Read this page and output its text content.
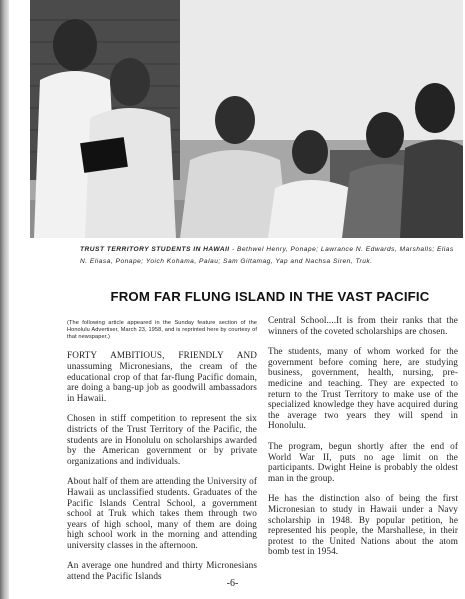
TRUST TERRITORY STUDENTS IN HAWAII - Bethwel Henry, Ponape; Lawrance N. Edwards, Marshalls; Elias N. Eliasa, Ponape; Yoich Kohama, Palau; Sam Giltamag, Yap and Nachsa Siren, Truk.
FROM FAR FLUNG ISLAND IN THE VAST PACIFIC

(The following article appeared in the Sunday feature section of the Honolulu Advertiser, March 23, 1958, and is reprinted here by courtesy of that newspaper.)

FORTY AMBITIOUS, FRIENDLY AND unassuming Micronesians, the cream of the educational crop of that far-flung Pacific domain, are doing a bang-up job as goodwill ambassadors in Hawaii.

Chosen in stiff competition to represent the six districts of the Trust Territory of the Pacific, the students are in Honolulu on scholarships awarded by the American government or by private organizations and individuals.

About half of them are attending the University of Hawaii as unclassified students. Graduates of the Pacific Islands Central School, a government school at Truk which takes them through two years of high school, many of them are doing high school work in the morning and attending university classes in the afternoon.

An average one hundred and thirty Micronesians attend the Pacific Islands

Central School....It is from their ranks that the winners of the coveted scholarships are chosen.

The students, many of whom worked for the government before coming here, are studying business, government, health, nursing, pre-medicine and teaching. They are expected to return to the Trust Territory to make use of the specialized knowledge they have acquired during the average two years they will spend in Honolulu.

The program, begun shortly after the end of World War II, puts no age limit on the participants. Dwight Heine is probably the oldest man in the group.

He has the distinction also of being the first Micronesian to study in Hawaii under a Navy scholarship in 1948. By popular petition, he represented his people, the Marshallese, in their protest to the United Nations about the atom bomb test in 1954.

-6-
